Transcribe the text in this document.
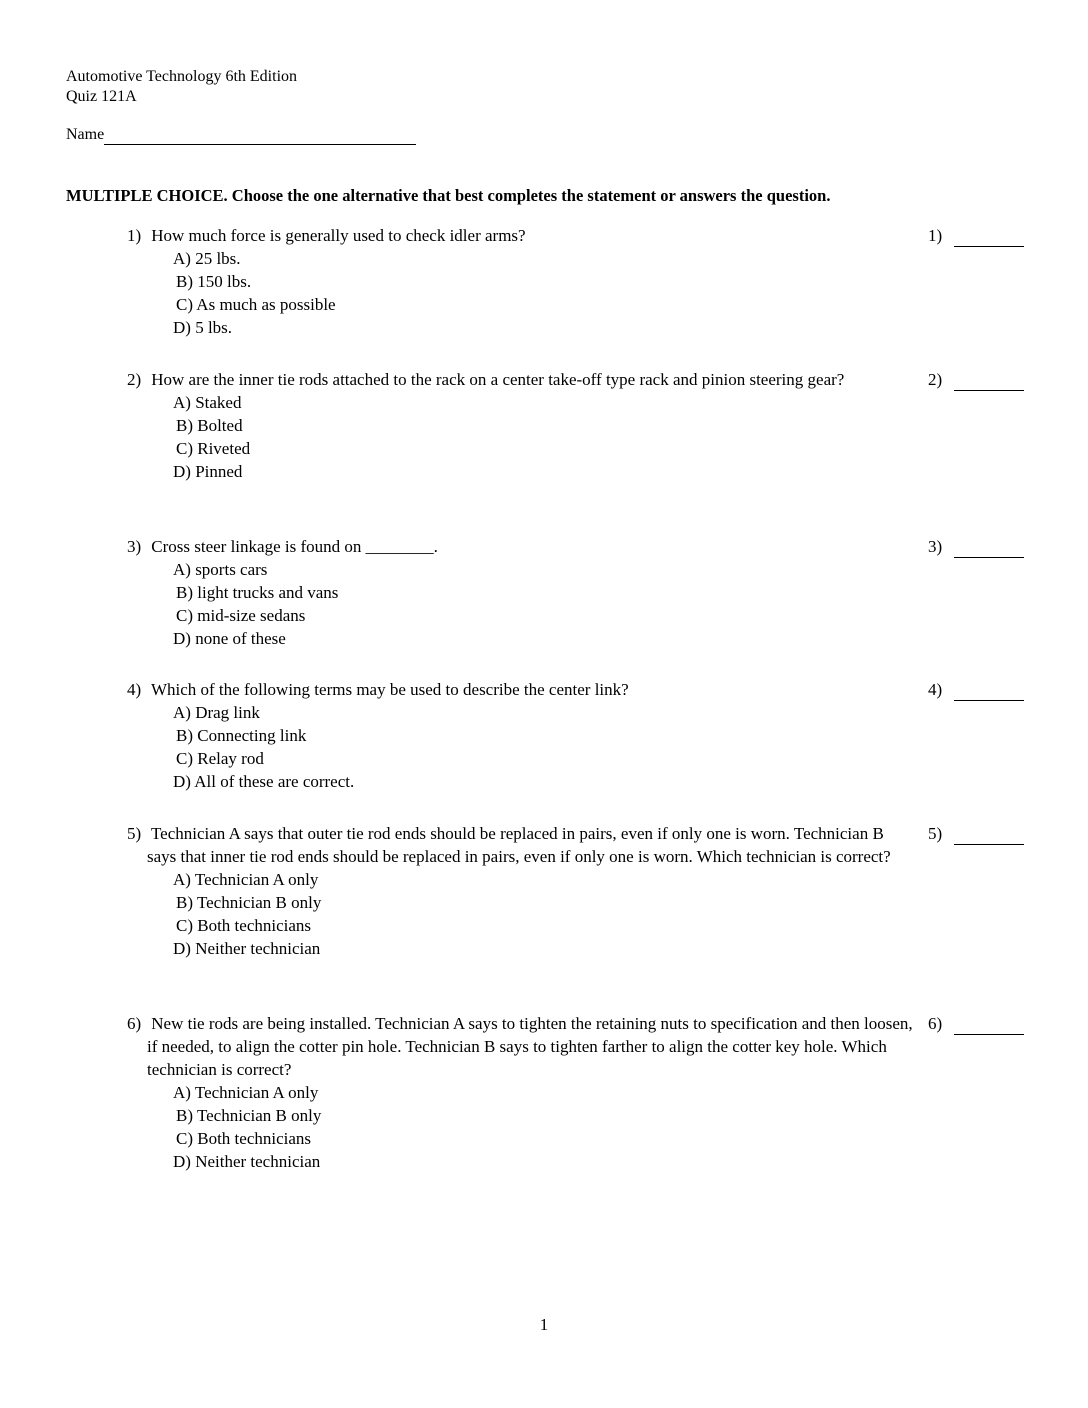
Automotive Technology 6th Edition
Quiz 121A
Name
MULTIPLE CHOICE. Choose the one alternative that best completes the statement or answers the question.
1) How much force is generally used to check idler arms?
A) 25 lbs.
B) 150 lbs.
C) As much as possible
D) 5 lbs.
1)
2) How are the inner tie rods attached to the rack on a center take-off type rack and pinion steering gear?
A) Staked
B) Bolted
C) Riveted
D) Pinned
2)
3) Cross steer linkage is found on ________.
A) sports cars
B) light trucks and vans
C) mid-size sedans
D) none of these
3)
4) Which of the following terms may be used to describe the center link?
A) Drag link
B) Connecting link
C) Relay rod
D) All of these are correct.
4)
5) Technician A says that outer tie rod ends should be replaced in pairs, even if only one is worn. Technician B says that inner tie rod ends should be replaced in pairs, even if only one is worn. Which technician is correct?
A) Technician A only
B) Technician B only
C) Both technicians
D) Neither technician
5)
6) New tie rods are being installed. Technician A says to tighten the retaining nuts to specification and then loosen, if needed, to align the cotter pin hole. Technician B says to tighten farther to align the cotter key hole. Which technician is correct?
A) Technician A only
B) Technician B only
C) Both technicians
D) Neither technician
6)
1
